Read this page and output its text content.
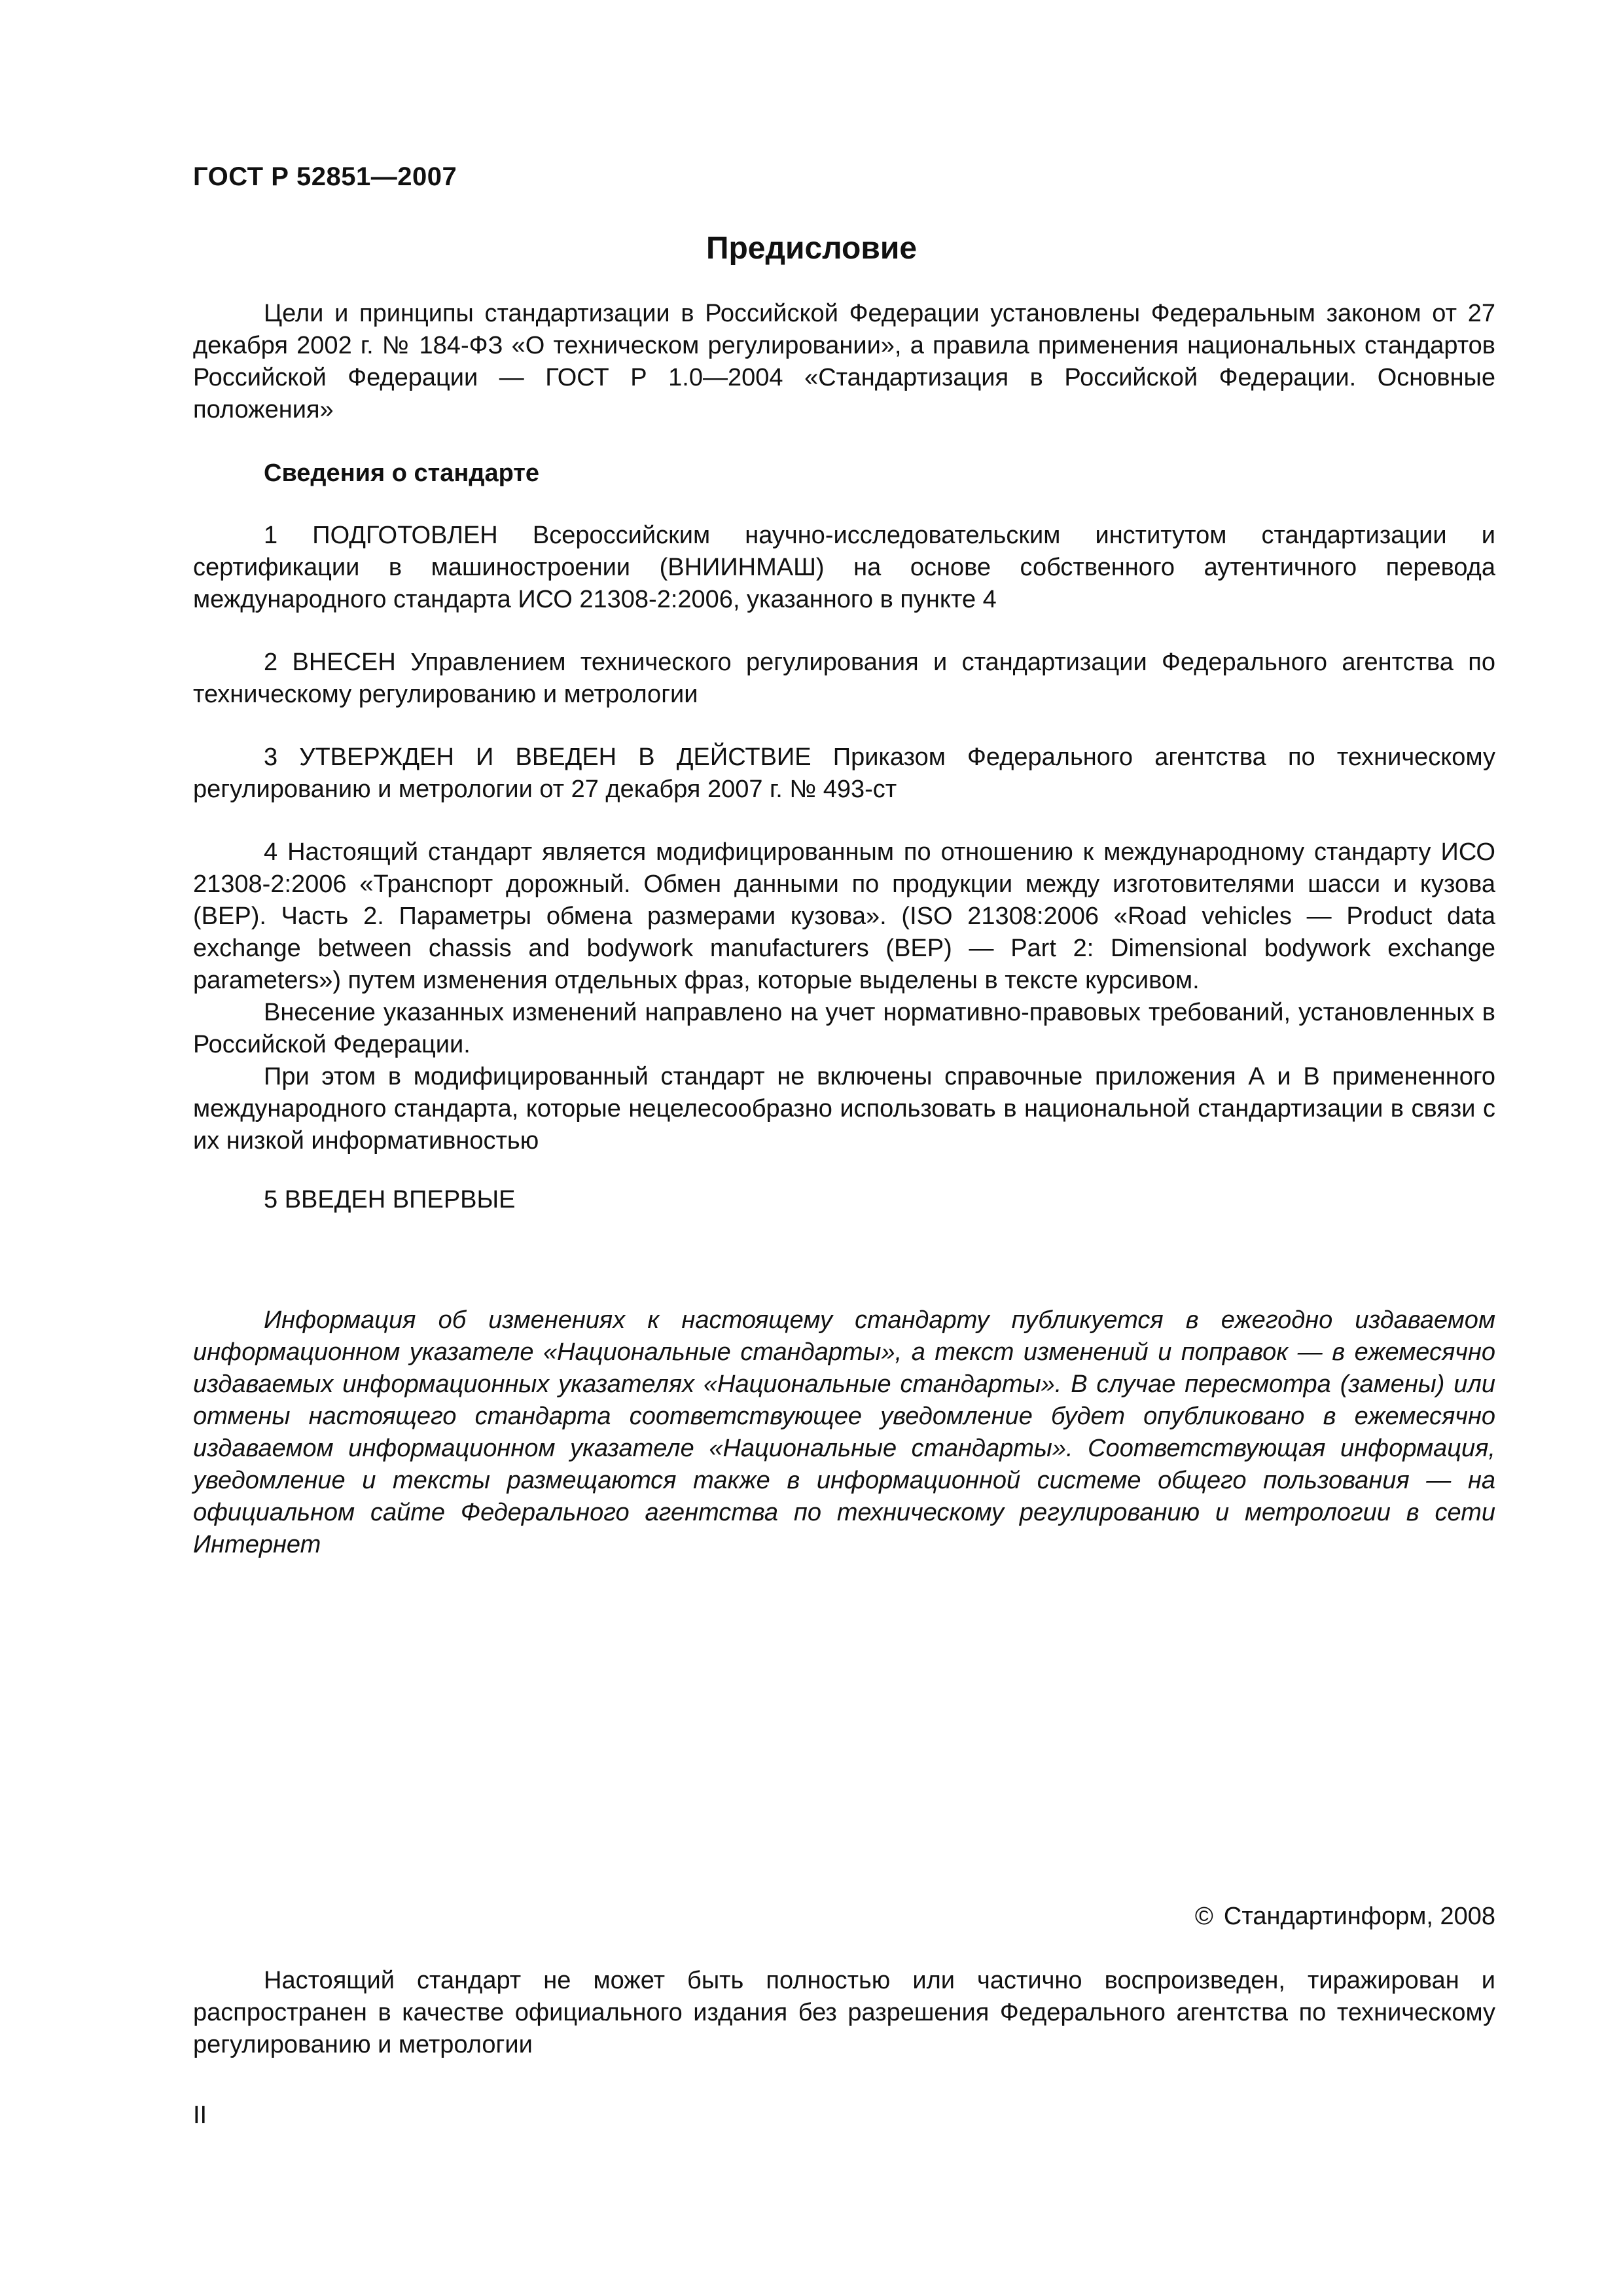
ГОСТ Р 52851—2007
Предисловие

Цели и принципы стандартизации в Российской Федерации установлены Федеральным законом от 27 декабря 2002 г. № 184-ФЗ «О техническом регулировании», а правила применения национальных стандартов Российской Федерации — ГОСТ Р 1.0—2004 «Стандартизация в Российской Федерации. Основные положения»

Сведения о стандарте

1 ПОДГОТОВЛЕН Всероссийским научно-исследовательским институтом стандартизации и сертификации в машиностроении (ВНИИНМАШ) на основе собственного аутентичного перевода международного стандарта ИСО 21308-2:2006, указанного в пункте 4

2 ВНЕСЕН Управлением технического регулирования и стандартизации Федерального агентства по техническому регулированию и метрологии

3 УТВЕРЖДЕН И ВВЕДЕН В ДЕЙСТВИЕ Приказом Федерального агентства по техническому регулированию и метрологии от 27 декабря 2007 г. № 493-ст

4 Настоящий стандарт является модифицированным по отношению к международному стандарту ИСО 21308-2:2006 «Транспорт дорожный. Обмен данными по продукции между изготовителями шасси и кузова (BEP). Часть 2. Параметры обмена размерами кузова». (ISO 21308:2006 «Road vehicles — Product data exchange between chassis and bodywork manufacturers (BEP) — Part 2: Dimensional bodywork exchange parameters») путем изменения отдельных фраз, которые выделены в тексте курсивом.

Внесение указанных изменений направлено на учет нормативно-правовых требований, установленных в Российской Федерации.

При этом в модифицированный стандарт не включены справочные приложения А и В примененного международного стандарта, которые нецелесообразно использовать в национальной стандартизации в связи с их низкой информативностью

5 ВВЕДЕН ВПЕРВЫЕ

Информация об изменениях к настоящему стандарту публикуется в ежегодно издаваемом информационном указателе «Национальные стандарты», а текст изменений и поправок — в ежемесячно издаваемых информационных указателях «Национальные стандарты». В случае пересмотра (замены) или отмены настоящего стандарта соответствующее уведомление будет опубликовано в ежемесячно издаваемом информационном указателе «Национальные стандарты». Соответствующая информация, уведомление и тексты размещаются также в информационной системе общего пользования — на официальном сайте Федерального агентства по техническому регулированию и метрологии в сети Интернет

© Стандартинформ, 2008

Настоящий стандарт не может быть полностью или частично воспроизведен, тиражирован и распространен в качестве официального издания без разрешения Федерального агентства по техническому регулированию и метрологии

II
